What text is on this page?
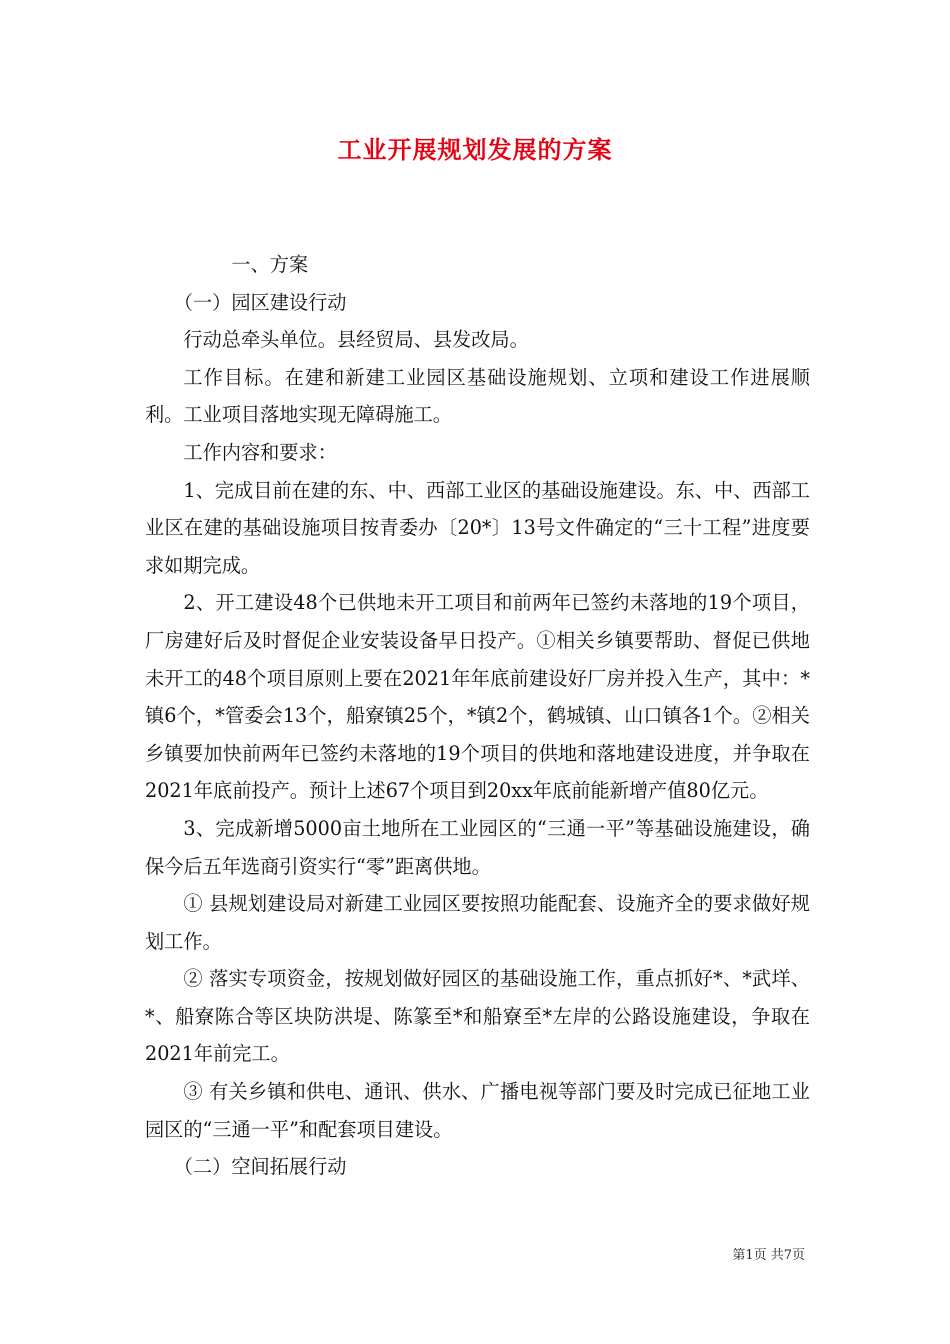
工业开展规划发展的方案

一、方案

（一）园区建设行动

行动总牵头单位。县经贸局、县发改局。

工作目标。在建和新建工业园区基础设施规划、立项和建设工作进展顺利。工业项目落地实现无障碍施工。

工作内容和要求：

1、完成目前在建的东、中、西部工业区的基础设施建设。东、中、西部工业区在建的基础设施项目按青委办〔20*〕13号文件确定的“三十工程”进度要求如期完成。

2、开工建设48个已供地未开工项目和前两年已签约未落地的19个项目，厂房建好后及时督促企业安装设备早日投产。①相关乡镇要帮助、督促已供地未开工的48个项目原则上要在2021年年底前建设好厂房并投入生产，其中：*镇6个，*管委会13个，船寮镇25个，*镇2个，鹤城镇、山口镇各1个。②相关乡镇要加快前两年已签约未落地的19个项目的供地和落地建设进度，并争取在2021年底前投产。预计上述67个项目到20xx年底前能新增产值80亿元。

3、完成新增5000亩土地所在工业园区的“三通一平”等基础设施建设，确保今后五年选商引资实行“零”距离供地。

① 县规划建设局对新建工业园区要按照功能配套、设施齐全的要求做好规划工作。

② 落实专项资金，按规划做好园区的基础设施工作，重点抓好*、*武垟、*、船寮陈合等区块防洪堤、陈篆至*和船寮至*左岸的公路设施建设，争取在2021年前完工。

③ 有关乡镇和供电、通讯、供水、广播电视等部门要及时完成已征地工业园区的“三通一平”和配套项目建设。

（二）空间拓展行动

第1页 共7页
